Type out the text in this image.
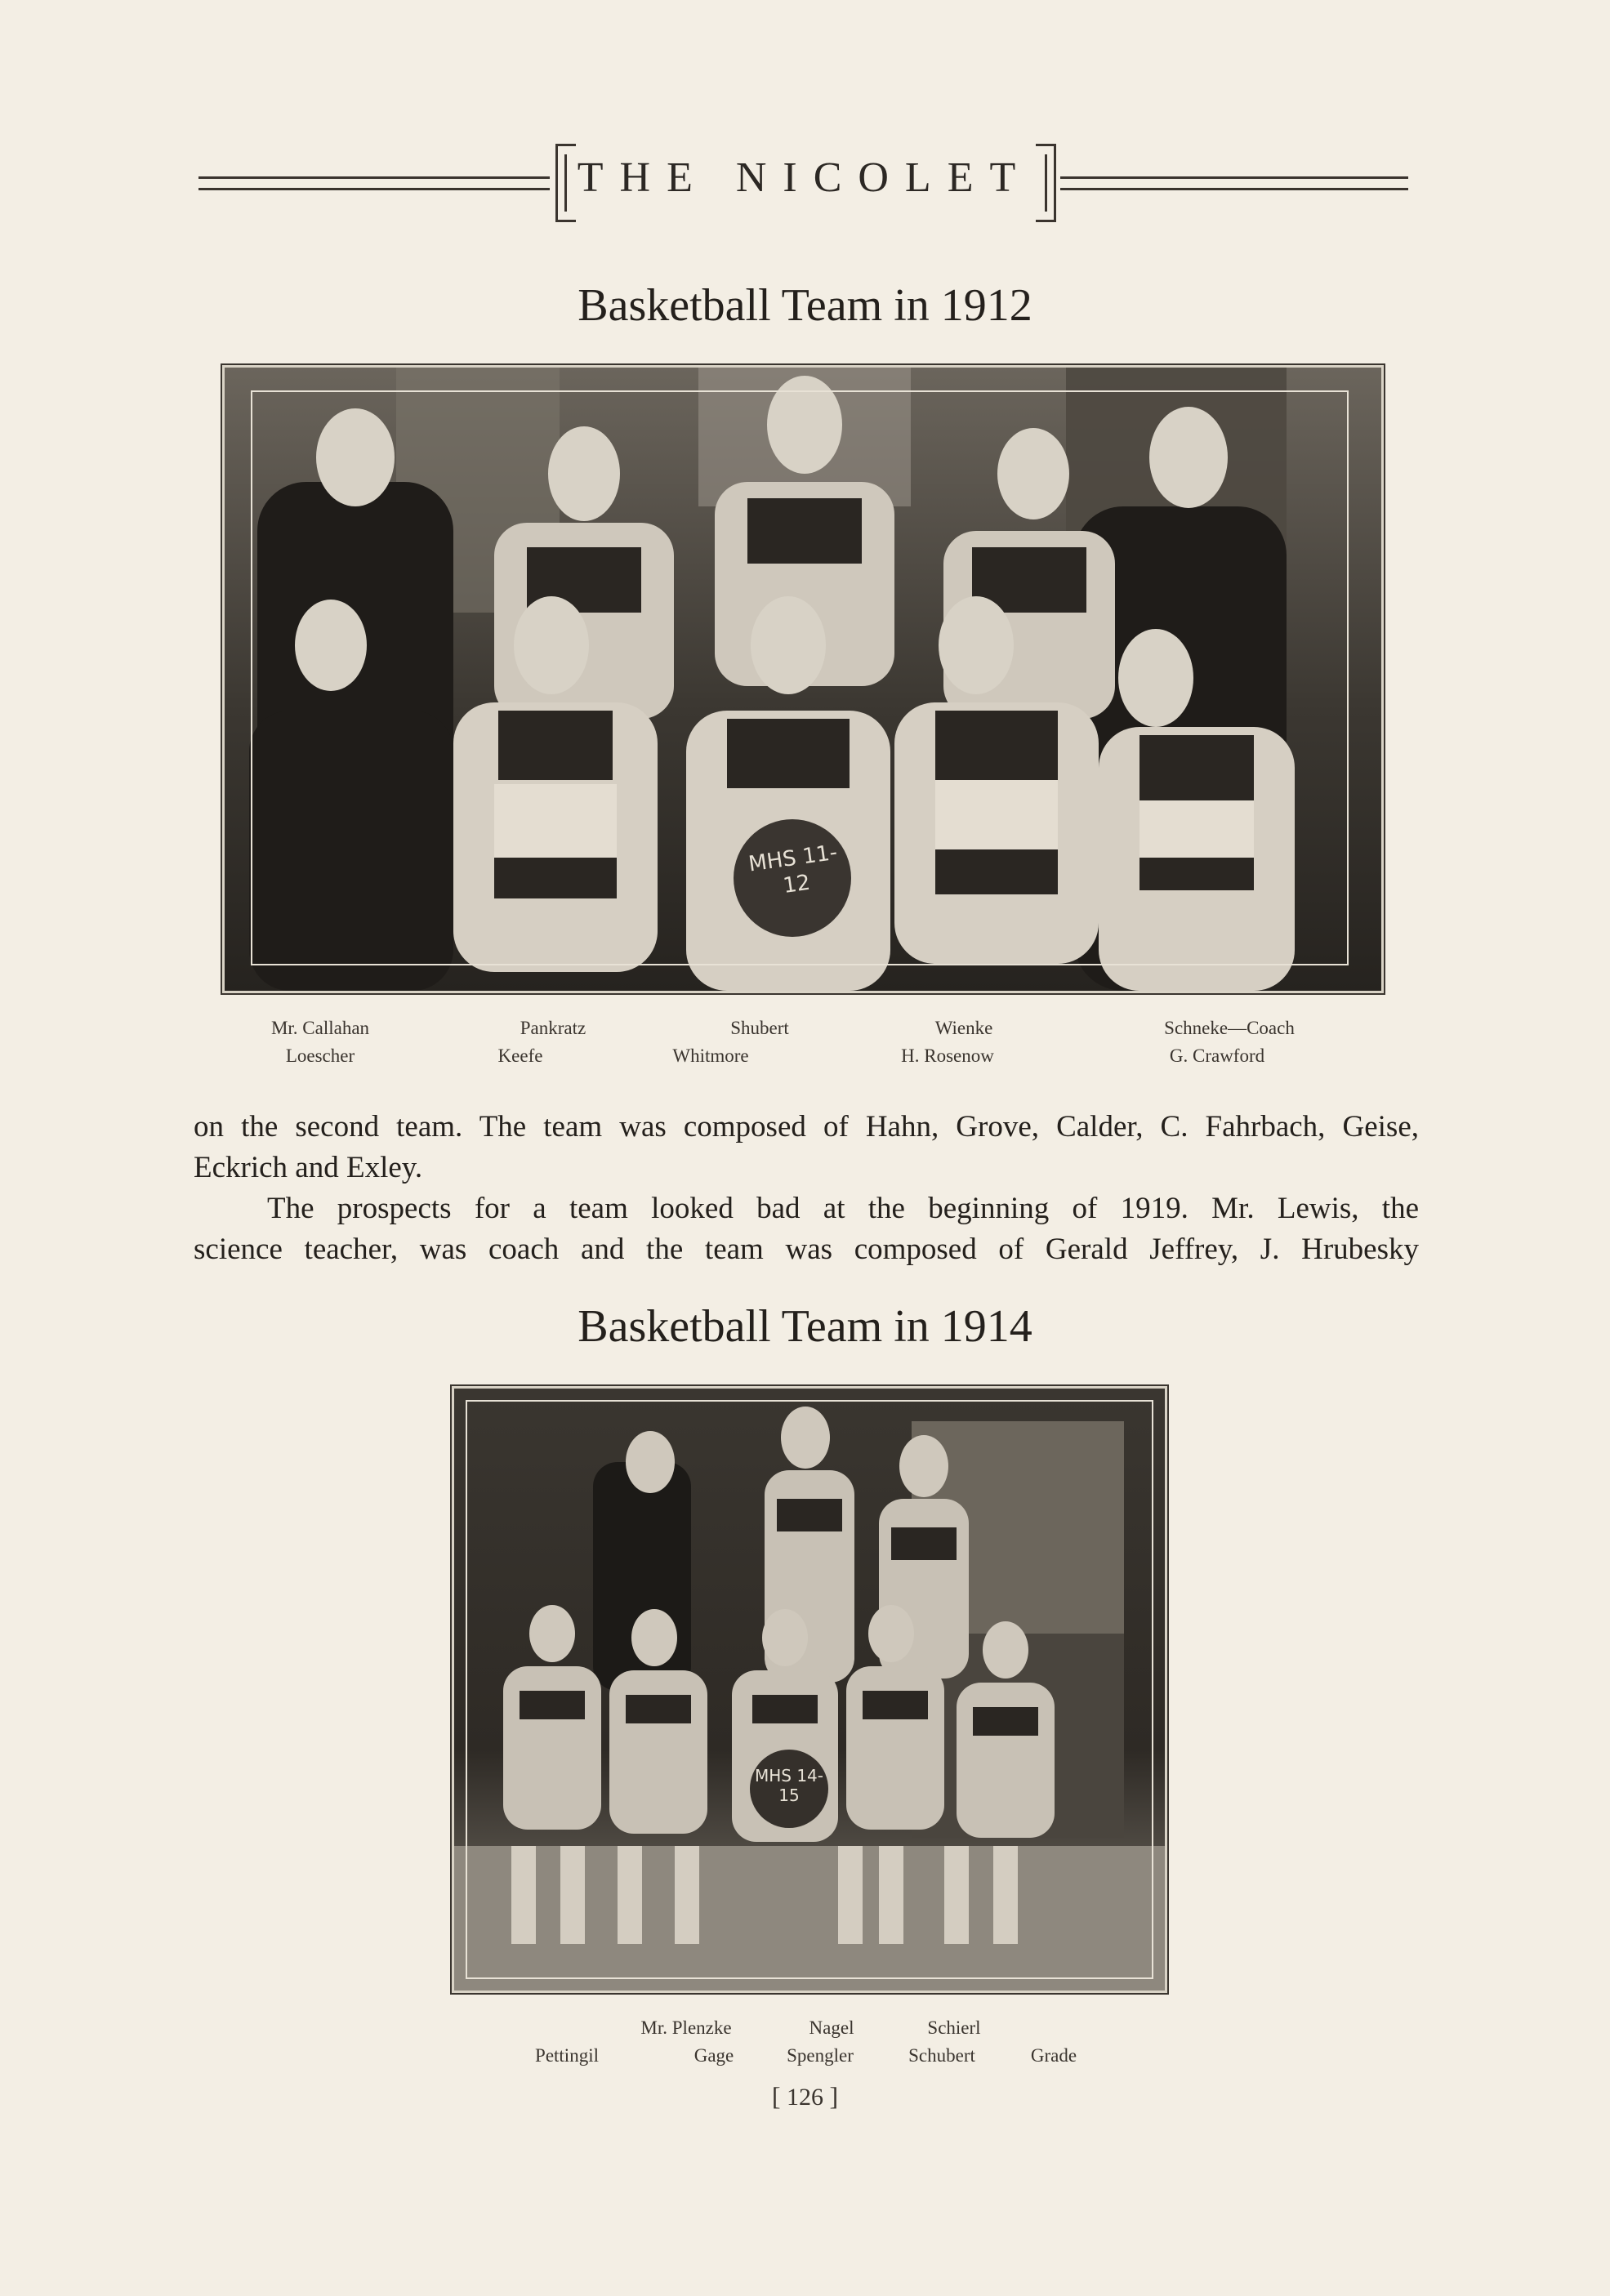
THE NICOLET
Basketball Team in 1912
MHS 11-12
Mr. Callahan	Pankratz	Shubert	Wienke	Schneke—Coach
Loescher	Keefe	Whitmore	H. Rosenow	G. Crawford
on the second team. The team was composed of Hahn, Grove, Calder, C. Fahrbach, Geise,
Eckrich and Exley.
The prospects for a team looked bad at the beginning of 1919. Mr. Lewis, the
science teacher, was coach and the team was composed of Gerald Jeffrey, J. Hrubesky
Basketball Team in 1914
MHS 14-15
Mr. Plenzke	Nagel	Schierl
Pettingil	Gage	Spengler	Schubert	Grade
[ 126 ]
